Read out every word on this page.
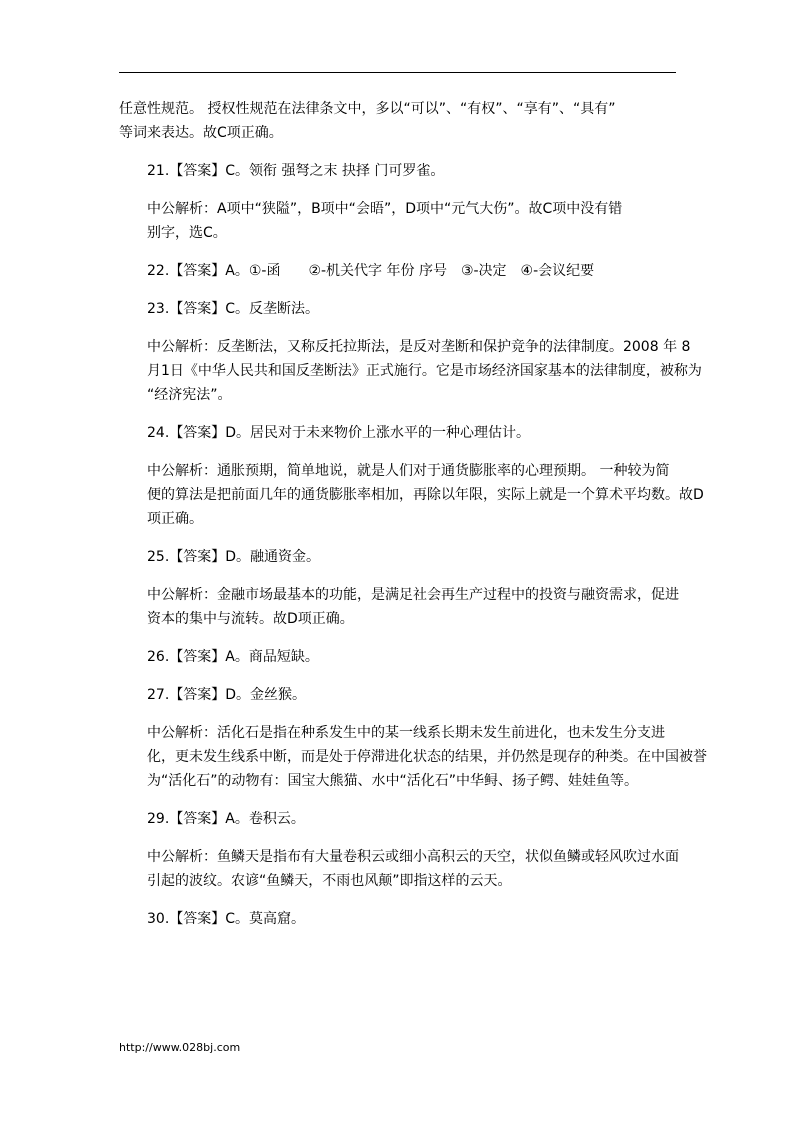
任意性规范。 授权性规范在法律条文中，多以“可以”、“有权”、“享有”、“具有”
等词来表达。故C项正确。
21.【答案】C。领衔 强弩之末 抉择 门可罗雀。
中公解析：A项中“狭隘”，B项中“会晤”，D项中“元气大伤”。故C项中没有错
别字，选C。
22.【答案】A。①-函　　②-机关代字 年份 序号　③-决定　④-会议纪要
23.【答案】C。反垄断法。
中公解析：反垄断法，又称反托拉斯法，是反对垄断和保护竞争的法律制度。2008 年 8
月1日《中华人民共和国反垄断法》正式施行。它是市场经济国家基本的法律制度，被称为
“经济宪法”。
24.【答案】D。居民对于未来物价上涨水平的一种心理估计。
中公解析：通胀预期，简单地说，就是人们对于通货膨胀率的心理预期。 一种较为简
便的算法是把前面几年的通货膨胀率相加，再除以年限，实际上就是一个算术平均数。故D
项正确。
25.【答案】D。融通资金。
中公解析：金融市场最基本的功能，是满足社会再生产过程中的投资与融资需求，促进
资本的集中与流转。故D项正确。
26.【答案】A。商品短缺。
27.【答案】D。金丝猴。
中公解析：活化石是指在种系发生中的某一线系长期未发生前进化，也未发生分支进
化，更未发生线系中断，而是处于停滞进化状态的结果，并仍然是现存的种类。在中国被誉
为“活化石”的动物有：国宝大熊猫、水中“活化石”中华鲟、扬子鳄、娃娃鱼等。
29.【答案】A。卷积云。
中公解析：鱼鳞天是指布有大量卷积云或细小高积云的天空，状似鱼鳞或轻风吹过水面
引起的波纹。农谚“鱼鳞天，不雨也风颠”即指这样的云天。
30.【答案】C。莫高窟。
http://www.028bj.com
